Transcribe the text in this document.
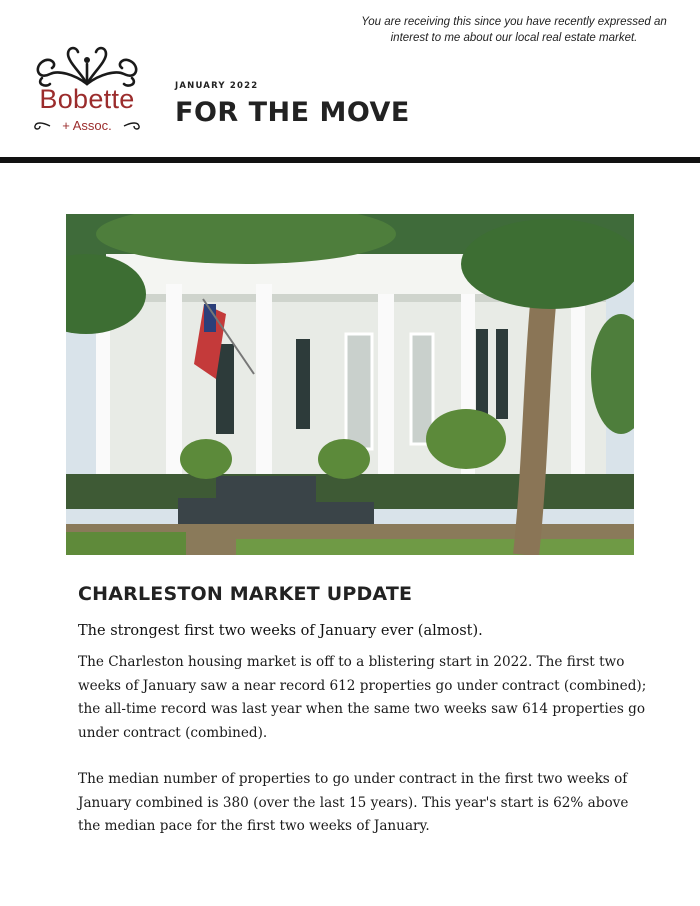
You are receiving this since you have recently expressed an interest to me about our local real estate market.
Bobette
+ Assoc.
JANUARY 2022
FOR THE MOVE
CHARLESTON MARKET UPDATE
The strongest first two weeks of January ever (almost).

The Charleston housing market is off to a blistering start in 2022. The first two weeks of January saw a near record 612 properties go under contract (combined); the all-time record was last year when the same two weeks saw 614 properties go under contract (combined).

The median number of properties to go under contract in the first two weeks of January combined is 380 (over the last 15 years). This year's start is 62% above the median pace for the first two weeks of January.
